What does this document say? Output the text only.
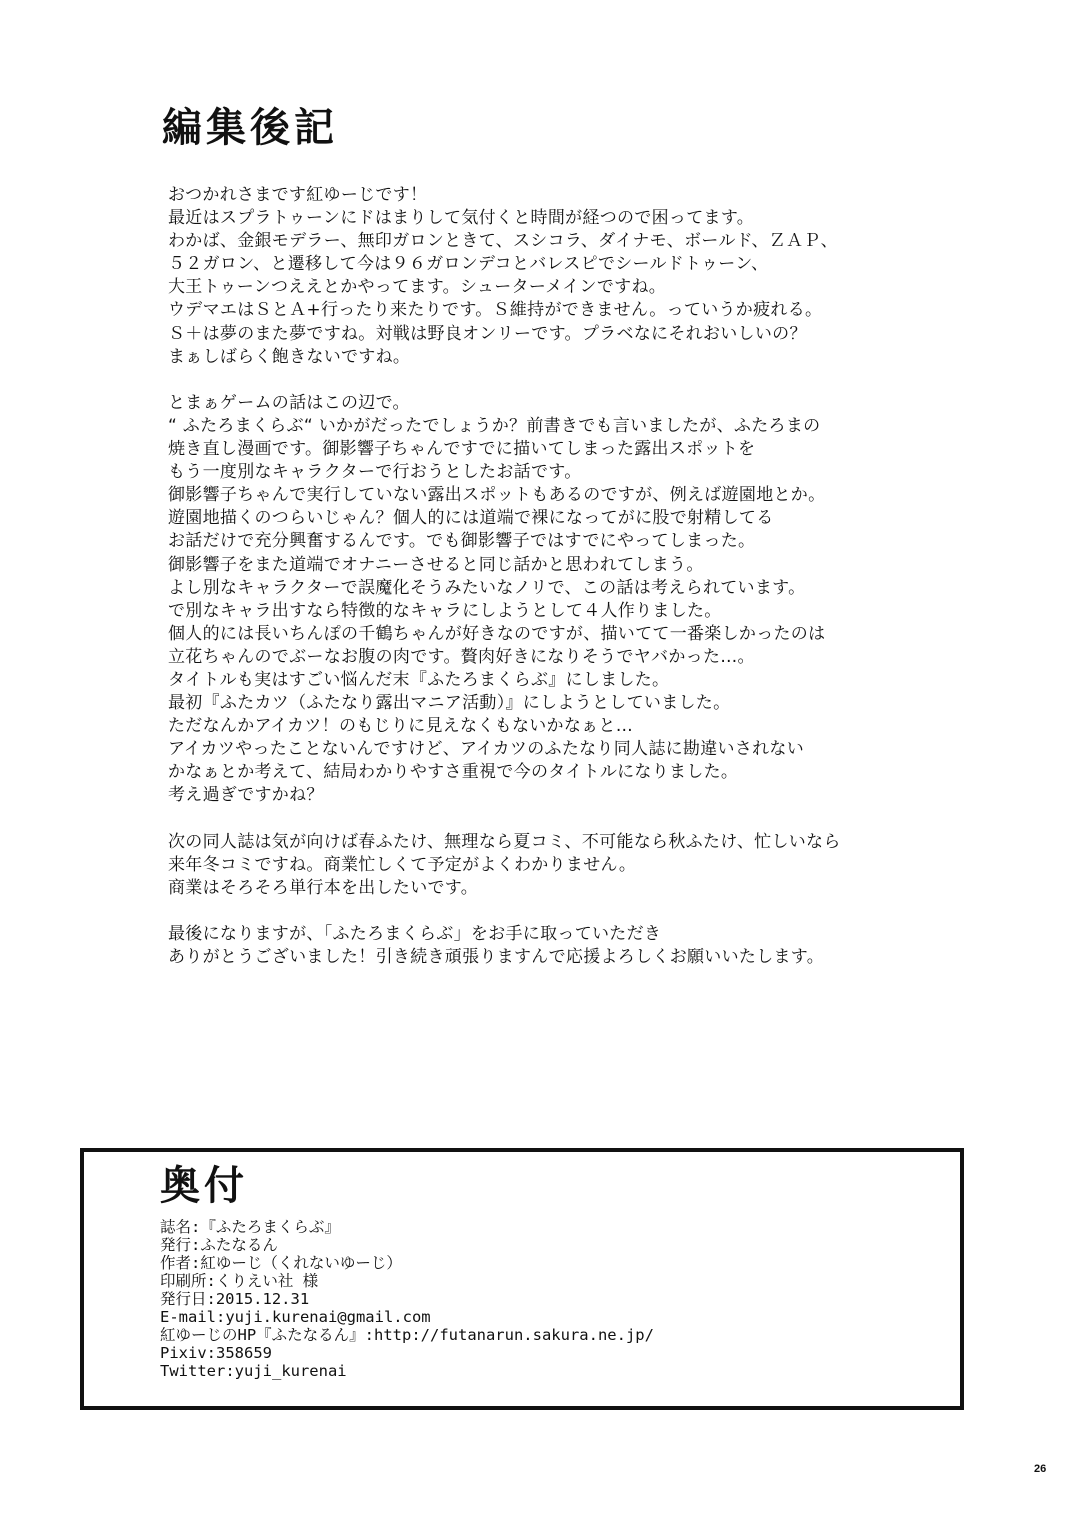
編集後記
おつかれさまです紅ゆーじです！
最近はスプラトゥーンにドはまりして気付くと時間が経つので困ってます。
わかば、金銀モデラー、無印ガロンときて、スシコラ、ダイナモ、ボールド、ＺＡＰ、
５２ガロン、と遷移して今は９６ガロンデコとバレスピでシールドトゥーン、
大王トゥーンつええとかやってます。シューターメインですね。
ウデマエはＳとＡ+行ったり来たりです。Ｓ維持ができません。っていうか疲れる。
Ｓ＋は夢のまた夢ですね。対戦は野良オンリーです。プラベなにそれおいしいの？
まぁしばらく飽きないですね。
とまぁゲームの話はこの辺で。
“ ふたろまくらぶ“ いかがだったでしょうか？前書きでも言いましたが、ふたろまの
焼き直し漫画です。御影響子ちゃんですでに描いてしまった露出スポットを
もう一度別なキャラクターで行おうとしたお話です。
御影響子ちゃんで実行していない露出スポットもあるのですが、例えば遊園地とか。
遊園地描くのつらいじゃん？個人的には道端で裸になってがに股で射精してる
お話だけで充分興奮するんです。でも御影響子ではすでにやってしまった。
御影響子をまた道端でオナニーさせると同じ話かと思われてしまう。
よし別なキャラクターで誤魔化そうみたいなノリで、この話は考えられています。
で別なキャラ出すなら特徴的なキャラにしようとして４人作りました。
個人的には長いちんぽの千鶴ちゃんが好きなのですが、描いてて一番楽しかったのは
立花ちゃんのでぶーなお腹の肉です。贅肉好きになりそうでヤバかった…。
タイトルも実はすごい悩んだ末『ふたろまくらぶ』にしました。
最初『ふたカツ（ふたなり露出マニア活動）』にしようとしていました。
ただなんかアイカツ！のもじりに見えなくもないかなぁと…
アイカツやったことないんですけど、アイカツのふたなり同人誌に勘違いされない
かなぁとか考えて、結局わかりやすさ重視で今のタイトルになりました。
考え過ぎですかね？
次の同人誌は気が向けば春ふたけ、無理なら夏コミ、不可能なら秋ふたけ、忙しいなら
来年冬コミですね。商業忙しくて予定がよくわかりません。
商業はそろそろ単行本を出したいです。
最後になりますが、「ふたろまくらぶ」をお手に取っていただき
ありがとうございました！引き続き頑張りますんで応援よろしくお願いいたします。
奥付
誌名:『ふたろまくらぶ』
発行:ふたなるん
作者:紅ゆーじ（くれないゆーじ）
印刷所:くりえい社 様
発行日:2015.12.31
E-mail:yuji.kurenai@gmail.com
紅ゆーじのHP『ふたなるん』:http://futanarun.sakura.ne.jp/
Pixiv:358659
Twitter:yuji_kurenai
26
